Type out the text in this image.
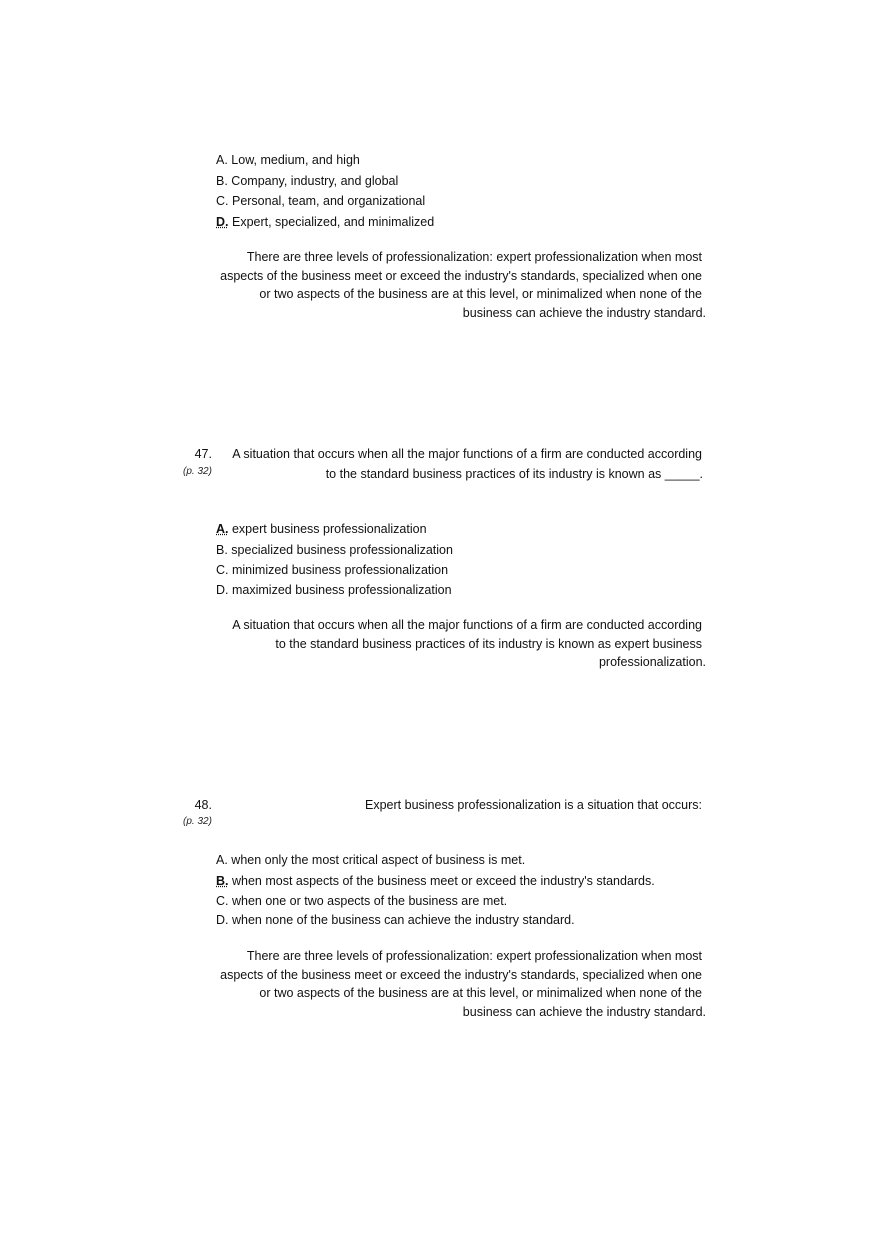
A. Low, medium, and high
B. Company, industry, and global
C. Personal, team, and organizational
D. Expert, specialized, and minimalized
There are three levels of professionalization: expert professionalization when most
aspects of the business meet or exceed the industry's standards, specialized when one
or two aspects of the business are at this level, or minimalized when none of the
business can achieve the industry standard.
47.
(p. 32)
A situation that occurs when all the major functions of a firm are conducted according
to the standard business practices of its industry is known as _____.
A. expert business professionalization
B. specialized business professionalization
C. minimized business professionalization
D. maximized business professionalization
A situation that occurs when all the major functions of a firm are conducted according
to the standard business practices of its industry is known as expert business
professionalization.
48.
(p. 32)
Expert business professionalization is a situation that occurs:
A. when only the most critical aspect of business is met.
B. when most aspects of the business meet or exceed the industry's standards.
C. when one or two aspects of the business are met.
D. when none of the business can achieve the industry standard.
There are three levels of professionalization: expert professionalization when most
aspects of the business meet or exceed the industry's standards, specialized when one
or two aspects of the business are at this level, or minimalized when none of the
business can achieve the industry standard.
